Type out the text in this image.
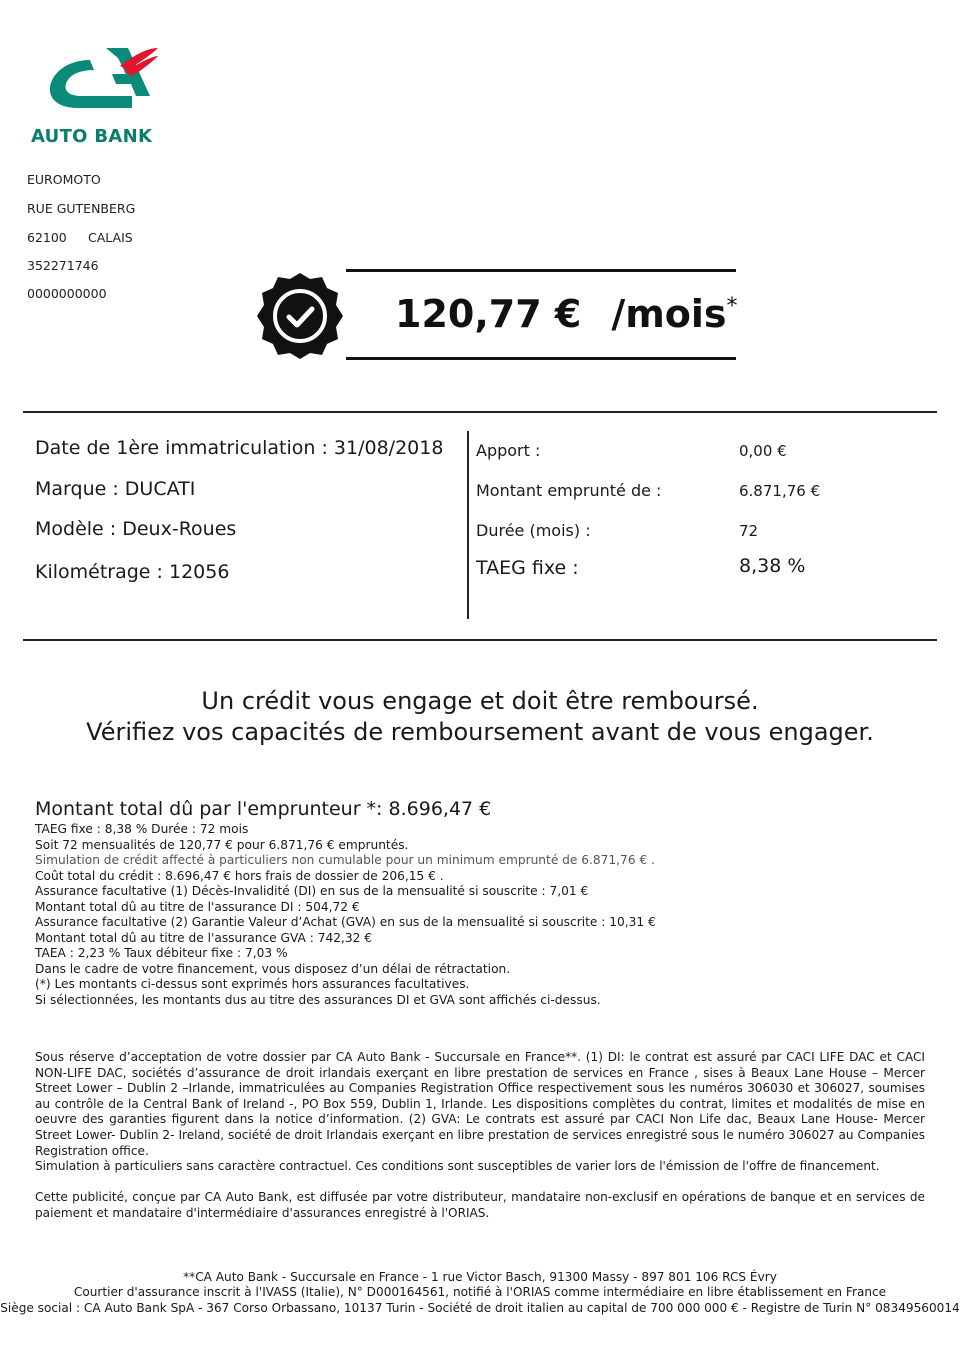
AUTO BANK
EUROMOTO
RUE GUTENBERG
62100 CALAIS
352271746
0000000000	120,77 € /mois*
Date de 1ère immatriculation : 31/08/2018
Marque : DUCATI
Modèle : Deux-Roues
Kilométrage : 12056
Apport :	0,00 €
Montant emprunté de :	6.871,76 €
Durée (mois) :	72
TAEG fixe :	8,38 %
Un crédit vous engage et doit être remboursé.
Vérifiez vos capacités de remboursement avant de vous engager.
Montant total dû par l'emprunteur *: 8.696,47 €
TAEG fixe : 8,38 % Durée : 72 mois
Soit 72 mensualités de 120,77 € pour 6.871,76 € empruntés.
Simulation de crédit affecté à particuliers non cumulable pour un minimum emprunté de 6.871,76 € .
Coût total du crédit : 8.696,47 € hors frais de dossier de 206,15 € .
Assurance facultative (1) Décès-Invalidité (DI) en sus de la mensualité si souscrite : 7,01 €
Montant total dû au titre de l'assurance DI : 504,72 €
Assurance facultative (2) Garantie Valeur d’Achat (GVA) en sus de la mensualité si souscrite : 10,31 €
Montant total dû au titre de l'assurance GVA : 742,32 €
TAEA : 2,23 % Taux débiteur fixe : 7,03 %
Dans le cadre de votre financement, vous disposez d’un délai de rétractation.
(*) Les montants ci-dessus sont exprimés hors assurances facultatives.
Si sélectionnées, les montants dus au titre des assurances DI et GVA sont affichés ci-dessus.
Sous réserve d’acceptation de votre dossier par CA Auto Bank - Succursale en France**. (1) DI: le contrat est assuré par CACI LIFE DAC et CACI NON-LIFE DAC, sociétés d’assurance de droit irlandais exerçant en libre prestation de services en France , sises à Beaux Lane House – Mercer Street Lower – Dublin 2 –Irlande, immatriculées au Companies Registration Office respectivement sous les numéros 306030 et 306027, soumises au contrôle de la Central Bank of Ireland -, PO Box 559, Dublin 1, Irlande. Les dispositions complètes du contrat, limites et modalités de mise en oeuvre des garanties figurent dans la notice d’information. (2) GVA: Le contrats est assuré par CACI Non Life dac, Beaux Lane House- Mercer Street Lower- Dublin 2- Ireland, société de droit Irlandais exerçant en libre prestation de services enregistré sous le numéro 306027 au Companies Registration office.
Simulation à particuliers sans caractère contractuel. Ces conditions sont susceptibles de varier lors de l'émission de l'offre de financement.
Cette publicité, conçue par CA Auto Bank, est diffusée par votre distributeur, mandataire non-exclusif en opérations de banque et en services de paiement et mandataire d'intermédiaire d'assurances enregistré à l'ORIAS.
**CA Auto Bank - Succursale en France - 1 rue Victor Basch, 91300 Massy - 897 801 106 RCS Évry
Courtier d'assurance inscrit à l'IVASS (Italie), N° D000164561, notifié à l'ORIAS comme intermédiaire en libre établissement en France
Siège social : CA Auto Bank SpA - 367 Corso Orbassano, 10137 Turin - Société de droit italien au capital de 700 000 000 € - Registre de Turin N° 08349560014
